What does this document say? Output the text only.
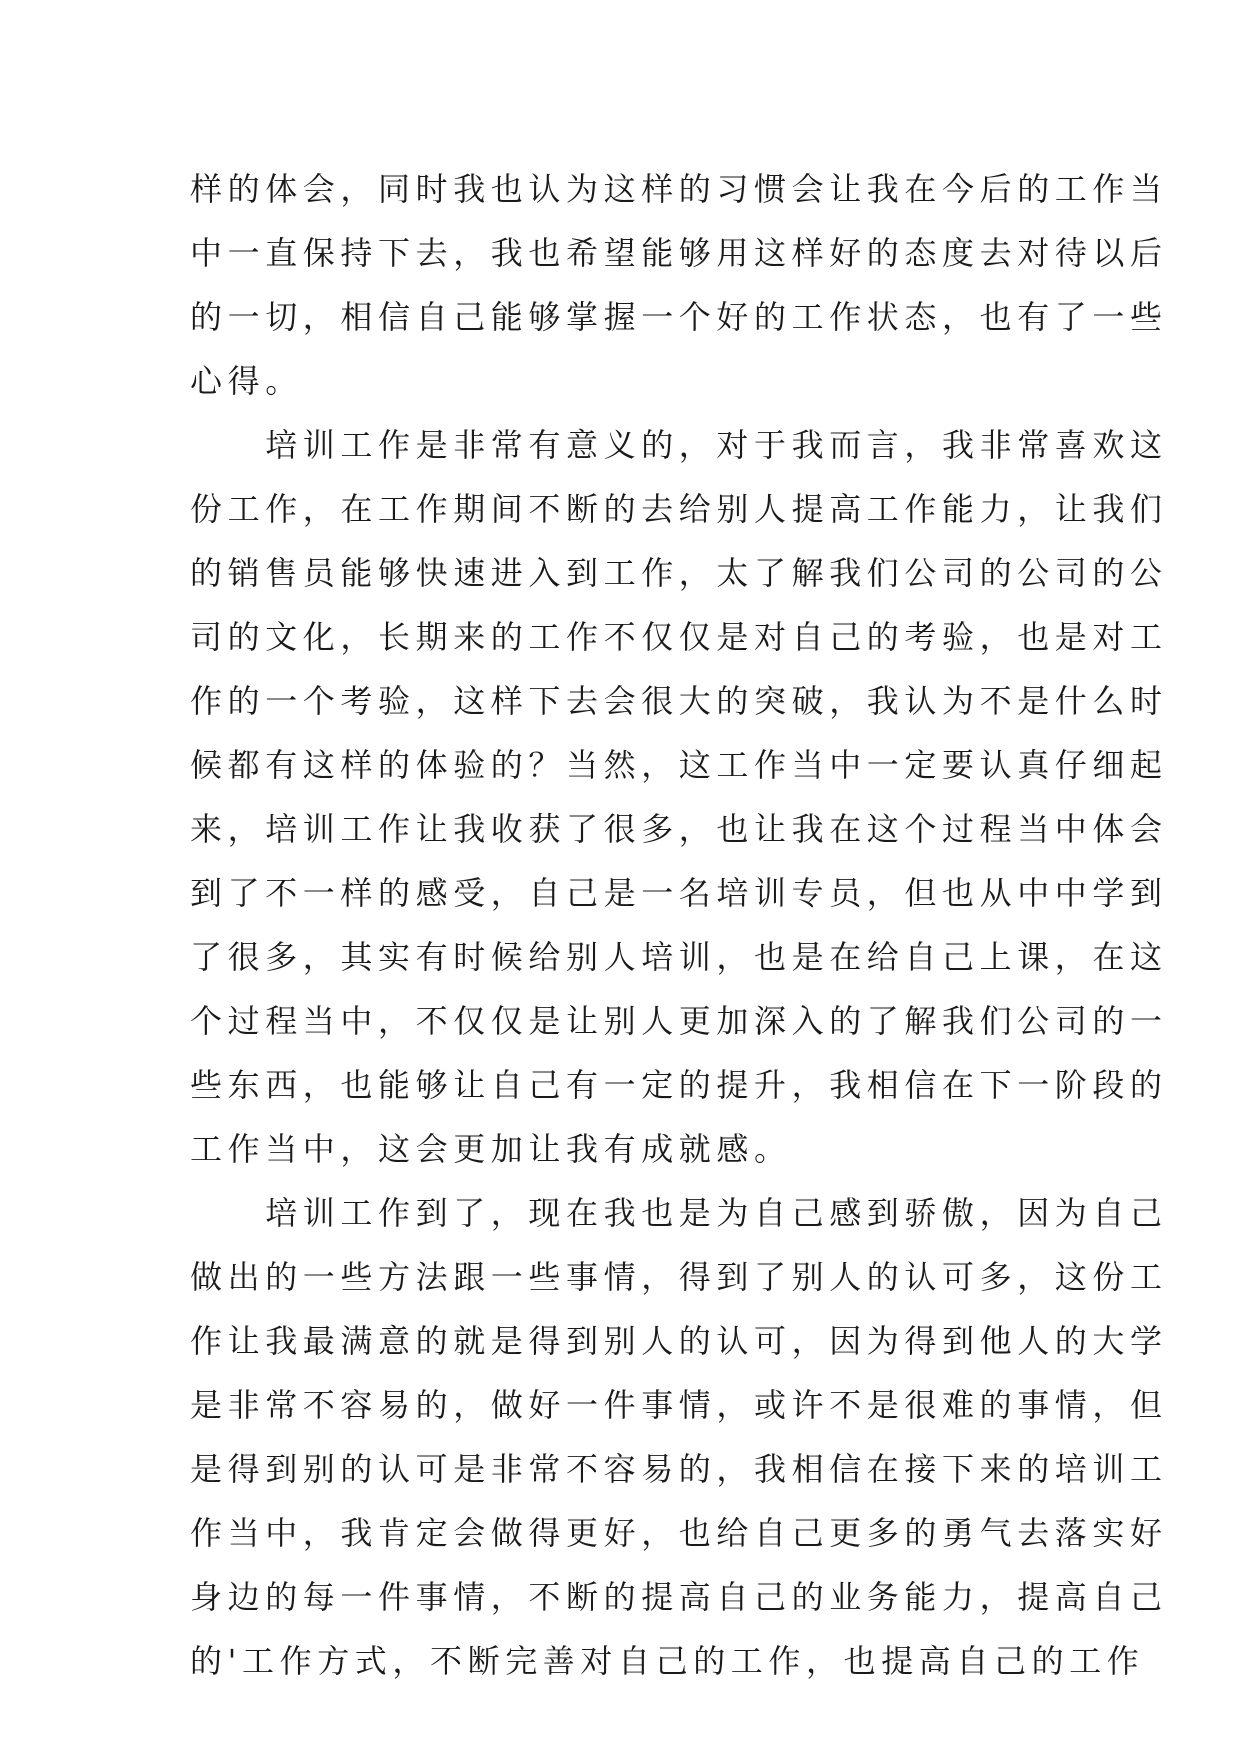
样的体会，同时我也认为这样的习惯会让我在今后的工作当
中一直保持下去，我也希望能够用这样好的态度去对待以后
的一切，相信自己能够掌握一个好的工作状态，也有了一些
心得。
　　培训工作是非常有意义的，对于我而言，我非常喜欢这
份工作，在工作期间不断的去给别人提高工作能力，让我们
的销售员能够快速进入到工作，太了解我们公司的公司的公
司的文化，长期来的工作不仅仅是对自己的考验，也是对工
作的一个考验，这样下去会很大的突破，我认为不是什么时
候都有这样的体验的？当然，这工作当中一定要认真仔细起
来，培训工作让我收获了很多，也让我在这个过程当中体会
到了不一样的感受，自己是一名培训专员，但也从中中学到
了很多，其实有时候给别人培训，也是在给自己上课，在这
个过程当中，不仅仅是让别人更加深入的了解我们公司的一
些东西，也能够让自己有一定的提升，我相信在下一阶段的
工作当中，这会更加让我有成就感。
　　培训工作到了，现在我也是为自己感到骄傲，因为自己
做出的一些方法跟一些事情，得到了别人的认可多，这份工
作让我最满意的就是得到别人的认可，因为得到他人的大学
是非常不容易的，做好一件事情，或许不是很难的事情，但
是得到别的认可是非常不容易的，我相信在接下来的培训工
作当中，我肯定会做得更好，也给自己更多的勇气去落实好
身边的每一件事情，不断的提高自己的业务能力，提高自己
的'工作方式，不断完善对自己的工作，也提高自己的工作
